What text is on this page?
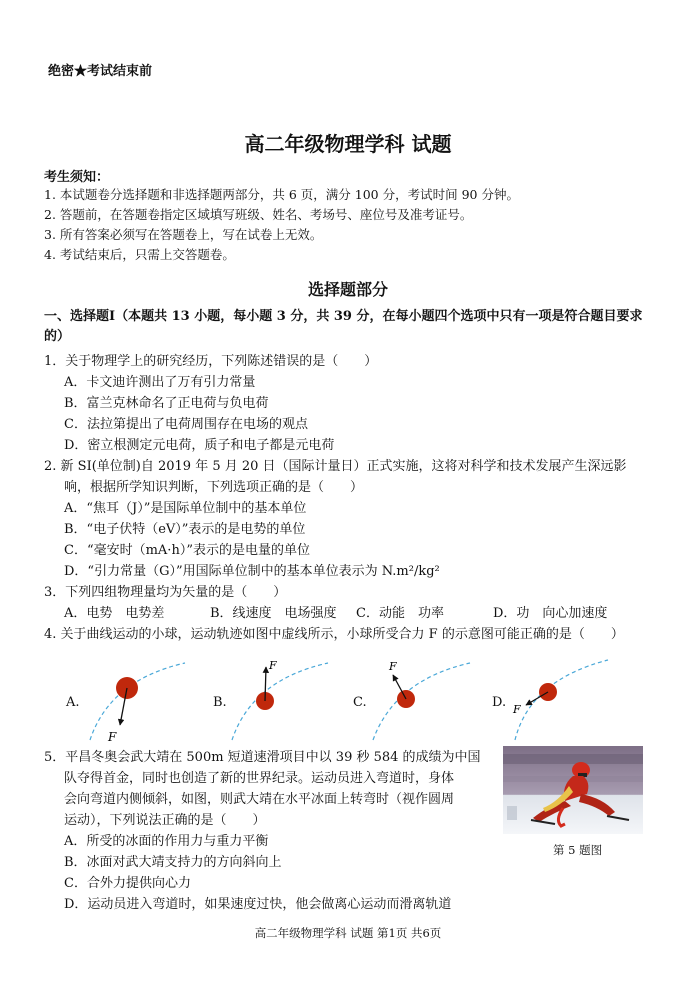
绝密★考试结束前
高二年级物理学科 试题
考生须知：
1. 本试题卷分选择题和非选择题两部分，共 6 页，满分 100 分，考试时间 90 分钟。
2. 答题前，在答题卷指定区域填写班级、姓名、考场号、座位号及准考证号。
3. 所有答案必须写在答题卷上，写在试卷上无效。
4. 考试结束后，只需上交答题卷。
选择题部分
一、选择题Ⅰ（本题共 13 小题，每小题 3 分，共 39 分，在每小题四个选项中只有一项是符合题目要求的）
1．关于物理学上的研究经历，下列陈述错误的是（　　）
A．卡文迪许测出了万有引力常量
B．富兰克林命名了正电荷与负电荷
C．法拉第提出了电荷周围存在电场的观点
D．密立根测定元电荷，质子和电子都是元电荷
2. 新 SI(单位制)自 2019 年 5 月 20 日（国际计量日）正式实施，这将对科学和技术发展产生深远影
响，根据所学知识判断，下列选项正确的是（　　）
A．“焦耳（J）”是国际单位制中的基本单位
B．“电子伏特（eV）”表示的是电势的单位
C．“毫安时（mA·h）”表示的是电量的单位
D．“引力常量（G）”用国际单位制中的基本单位表示为 N.m²/kg²
3．下列四组物理量均为矢量的是（　　）
A．电势　电势差	B．线速度　电场强度 C．动能　功率	D．功　向心加速度
4. 关于曲线运动的小球，运动轨迹如图中虚线所示，小球所受合力 F 的示意图可能正确的是（　　）
A.	B.	C.	D.
F
F	F
F
5．平昌冬奥会武大靖在 500m 短道速滑项目中以 39 秒 584 的成绩为中国
队夺得首金，同时也创造了新的世界纪录。运动员进入弯道时，身体
会向弯道内侧倾斜，如图，则武大靖在水平冰面上转弯时（视作圆周
运动），下列说法正确的是（　　）
A．所受的冰面的作用力与重力平衡
B．冰面对武大靖支持力的方向斜向上
C．合外力提供向心力
D．运动员进入弯道时，如果速度过快，他会做离心运动而滑离轨道
第 5 题图
高二年级物理学科 试题 第1页 共6页
